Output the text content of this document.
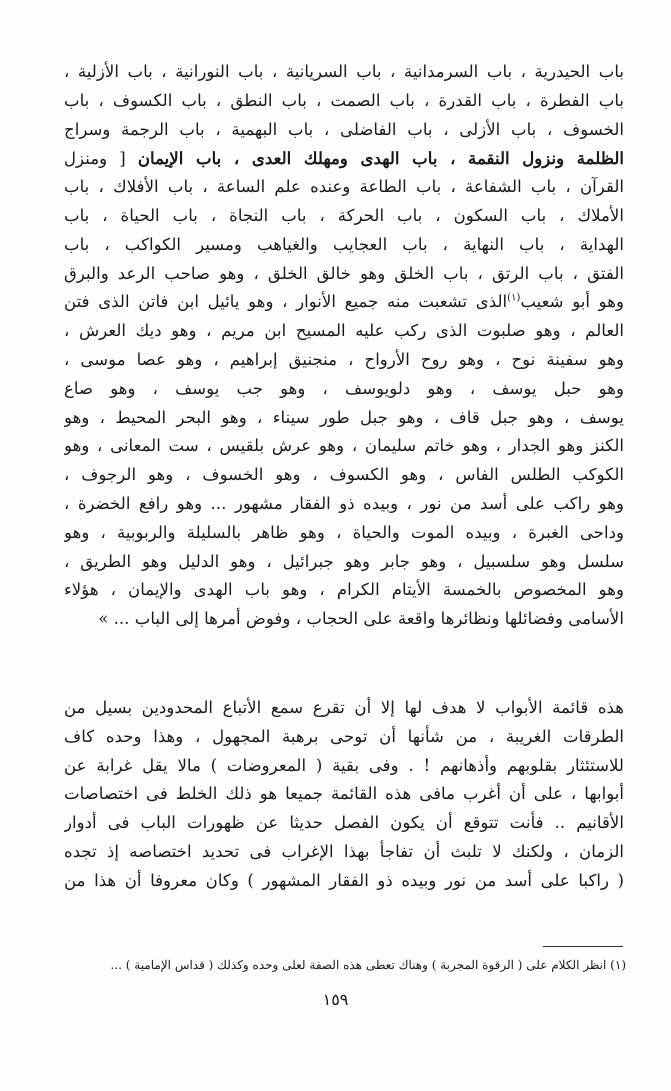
باب الحيدرية ، باب السرمدانية ، باب السريانية ، باب النورانية ، باب الأزلية ،
باب الفطرة ، باب القدرة ، باب الصمت ، باب النطق ، باب الكسوف ، باب
الخسوف ، باب الأزلى ، باب الفاضلى ، باب البهمية ، باب الرجمة وسراج
الظلمة ونزول النقمة ، باب الهدى ومهلك العدى ، باب الإيمان [ ومنزل
القرآن ، باب الشفاعة ، باب الطاعة وعنده علم الساعة ، باب الأفلاك ، باب
الأملاك ، باب السكون ، باب الحركة ، باب النجاة ، باب الحياة ، باب
الهداية ، باب النهاية ، باب العجايب والغياهب ومسير الكواكب ، باب
الفتق ، باب الرتق ، باب الخلق وهو خالق الخلق ، وهو صاحب الرعد والبرق
وهو أبو شعيب$^{(١)}$الذى تشعبت منه جميع الأنوار ، وهو يائيل ابن فاتن الذى فتن
العالم ، وهو صلبوت الذى ركب عليه المسيح ابن مريم ، وهو ديك العرش ،
وهو سفينة نوح ، وهو روح الأرواح ، منجنيق إبراهيم ، وهو عصا موسى ،
وهو حبل يوسف ، وهو دلويوسف ، وهو جب يوسف ، وهو صاع
يوسف ، وهو جبل قاف ، وهو جبل طور سيناء ، وهو البحر المحيط ، وهو
الكنز وهو الجدار ، وهو خاتم سليمان ، وهو عرش بلقيس ، ست المعانى ، وهو
الكوكب الطلس الفاس ، وهو الكسوف ، وهو الخسوف ، وهو الرجوف ،
وهو راكب على أسد من نور ، وبيده ذو الفقار مشهور ... وهو رافع الخضرة ،
وداحى الغبرة ، وبيده الموت والحياة ، وهو ظاهر بالسليلة والربوبية ، وهو
سلسل وهو سلسبيل ، وهو جابر وهو جبرائيل ، وهو الدليل وهو الطريق ،
وهو المخصوص بالخمسة الأيتام الكرام ، وهو باب الهدى والإيمان ، هؤلاء
الأسامى وفضائلها ونظائرها واقعة على الحجاب ، وفوض أمرها إلى الباب ... »
هذه قائمة الأبواب لا هدف لها إلا أن تقرع سمع الأتباع المحدودين بسيل من
الطرقات الغريبة ، من شأنها أن توحى برهبة المجهول ، وهذا وحده كاف
للاستئثار بقلوبهم وأذهانهم ! . وفى بقية ( المعروضات ) مالا يقل غرابة عن
أبوابها ، على أن أغرب مافى هذه القائمة جميعا هو ذلك الخلط فى اختصاصات
الأقانيم .. فأنت تتوقع أن يكون الفصل حديثا عن ظهورات الباب فى أدوار
الزمان ، ولكنك لا تلبث أن تفاجأ بهذا الإغراب فى تحديد اختصاصه إذ تجده
( راكبا على أسد من نور وبيده ذو الفقار المشهور ) وكان معروفا أن هذا من
(١) انظر الكلام على ( الرقوة المجربة ) وهناك تعطى هذه الصفة لعلى وحده وكذلك ( قداس الإمامية ) ...
١٥٩
